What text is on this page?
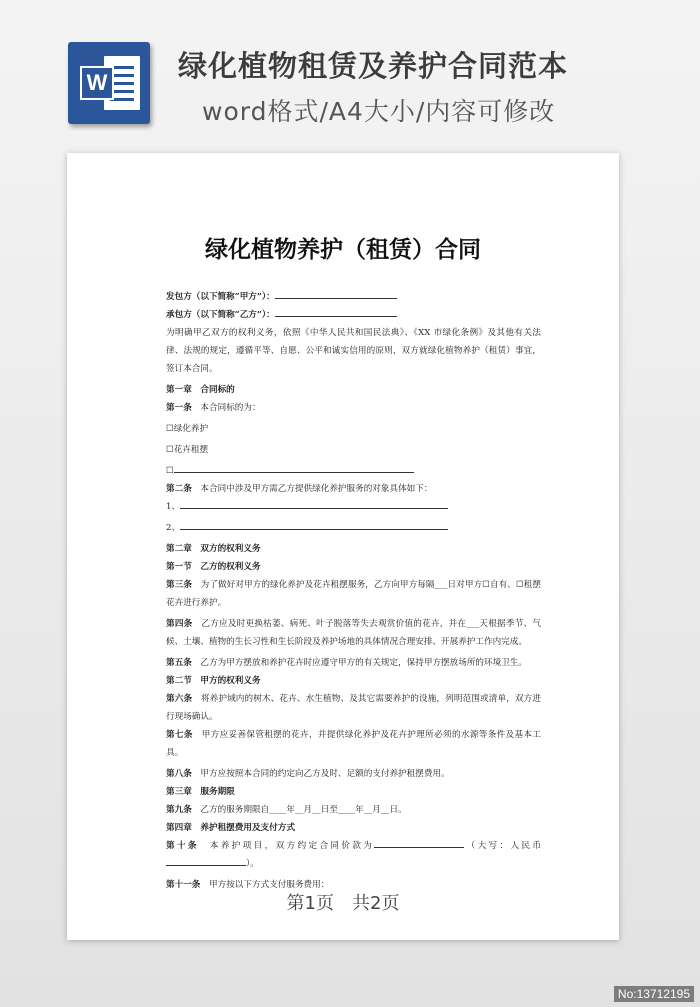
W 绿化植物租赁及养护合同范本
word格式/A4大小/内容可修改
绿化植物养护（租赁）合同

发包方（以下简称“甲方”）：

承包方（以下简称“乙方”）：

为明确甲乙双方的权利义务，依照《中华人民共和国民法典》、《XX 市绿化条例》及其他有关法律、法规的规定，遵循平等、自愿、公平和诚实信用的原则，双方就绿化植物养护（租赁）事宜，签订本合同。

第一章　合同标的

第一条　 本合同标的为：

☐绿化养护

☐花卉租摆

☐

第二条　 本合同中涉及甲方需乙方提供绿化养护服务的对象具体如下：

1、

2、

第二章　双方的权利义务

第一节　乙方的权利义务

第三条　 为了做好对甲方的绿化养护及花卉租摆服务，乙方向甲方每隔___日对甲方☐自有、☐租摆花卉进行养护。

第四条　 乙方应及时更换枯萎、病死、叶子脱落等失去观赏价值的花卉，并在___天根据季节、气候、土壤、植物的生长习性和生长阶段及养护场地的具体情况合理安排、开展养护工作内完成。

第五条　 乙方为甲方摆放和养护花卉时应遵守甲方的有关规定，保持甲方摆放场所的环境卫生。

第二节　甲方的权利义务

第六条　 将养护域内的树木、花卉、水生植物、及其它需要养护的设施，列明范围或清单，双方进行现场确认。

第七条　 甲方应妥善保管租摆的花卉，并提供绿化养护及花卉护理所必须的水源等条件及基本工具。

第八条　 甲方应按照本合同的约定向乙方及时、足额的支付养护租摆费用。

第三章　服务期限

第九条　 乙方的服务期限自____年__月__日至____年__月__日。

第四章　养护租摆费用及支付方式

第十条　 本养护项目，双方约定合同价款为	（大写：人民币）。

第十一条　 甲方按以下方式支付服务费用：

第1页　共2页
No:13712195
